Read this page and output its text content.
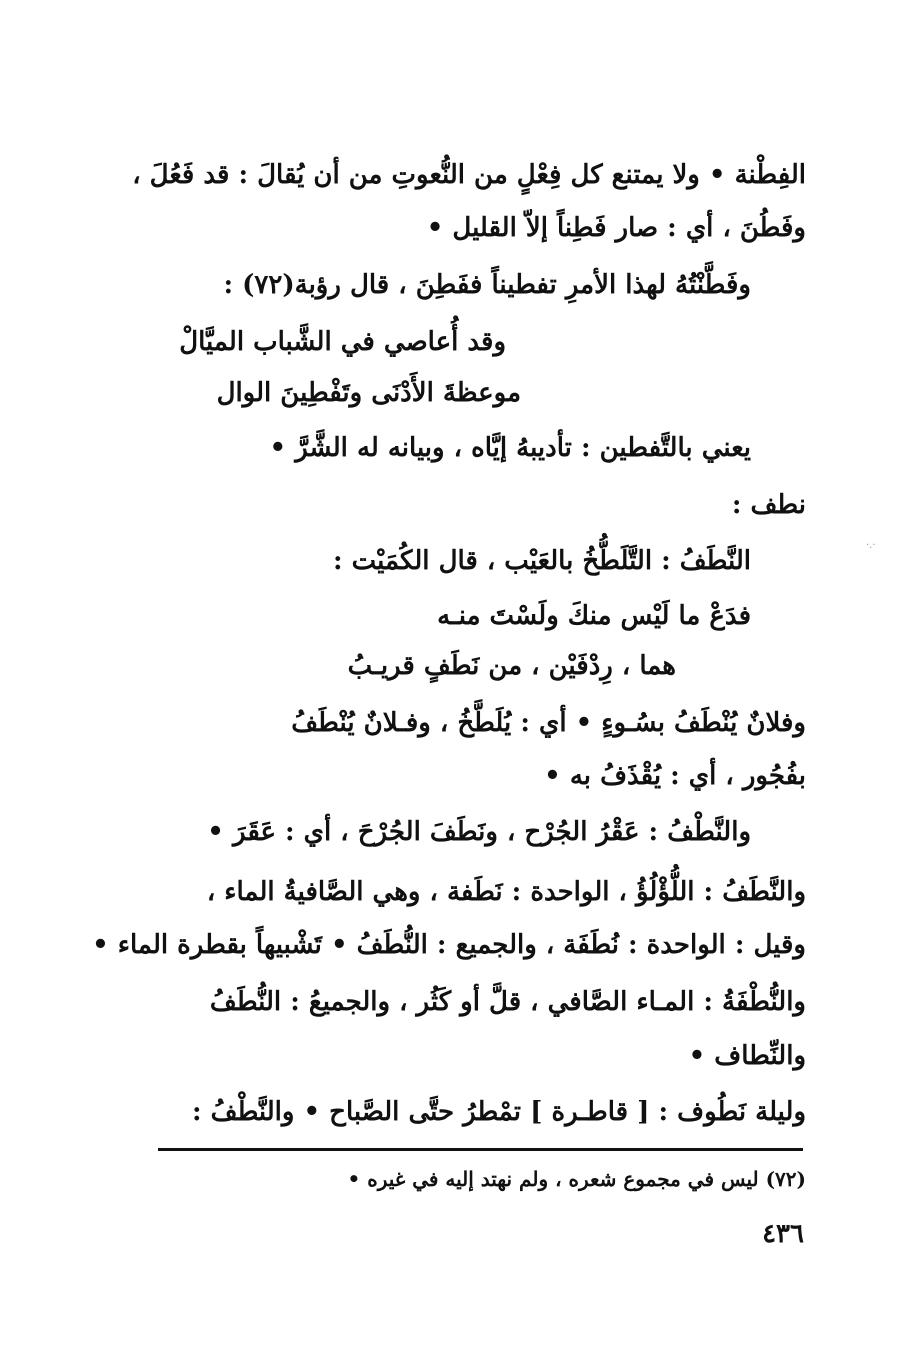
الفِطْنة • ولا يمتنع كل فِعْلٍ من النُّعوتِ من أن يُقالَ : قد فَعُلَ ،
وفَطُنَ ، أي : صار فَطِناً إلاّ القليل •
وفَطَّنْتُهُ لهذا الأمرِ تفطيناً ففَطِنَ ، قال رؤبة(٧٢) :
وقد أُعاصي في الشَّباب الميَّالْ
موعظةَ الأَدْنَى وتَفْطِينَ الوال
يعني بالتَّفطين : تأديبهُ إيَّاه ، وبيانه له الشَّرَّ •
نطف :
النَّطَفُ : التَّلَطُّخُ بالعَيْب ، قال الكُمَيْت :
فدَعْ ما لَيْس منكَ ولَسْتَ منـه
هما ، رِدْفَيْن ، من نَطَفٍ قريـبُ
وفلانٌ يُنْطَفُ بسُـوءٍ • أي : يُلَطَّخُ ، وفـلانٌ يُنْطَفُ
بفُجُور ، أي : يُقْذَفُ به •
والنَّطْفُ : عَقْرُ الجُرْح ، ونَطَفَ الجُرْحَ ، أي : عَقَرَ •
والنَّطَفُ : اللُّؤْلُؤُ ، الواحدة : نَطَفة ، وهي الصَّافيةُ الماء ،
وقيل : الواحدة : نُطَفَة ، والجميع : النُّطَفُ • تَشْبيهاً بقطرة الماء •
والنُّطْفَةُ : المـاء الصَّافي ، قلَّ أو كَثُر ، والجميعُ : النُّطَفُ
والنِّطاف •
وليلة نَطُوف : [ قاطـرة ] تمْطرُ حتَّى الصَّباح • والنَّطْفُ :
(٧٢) ليس في مجموع شعره ، ولم نهتد إليه في غيره •
٤٣٦
·.·
